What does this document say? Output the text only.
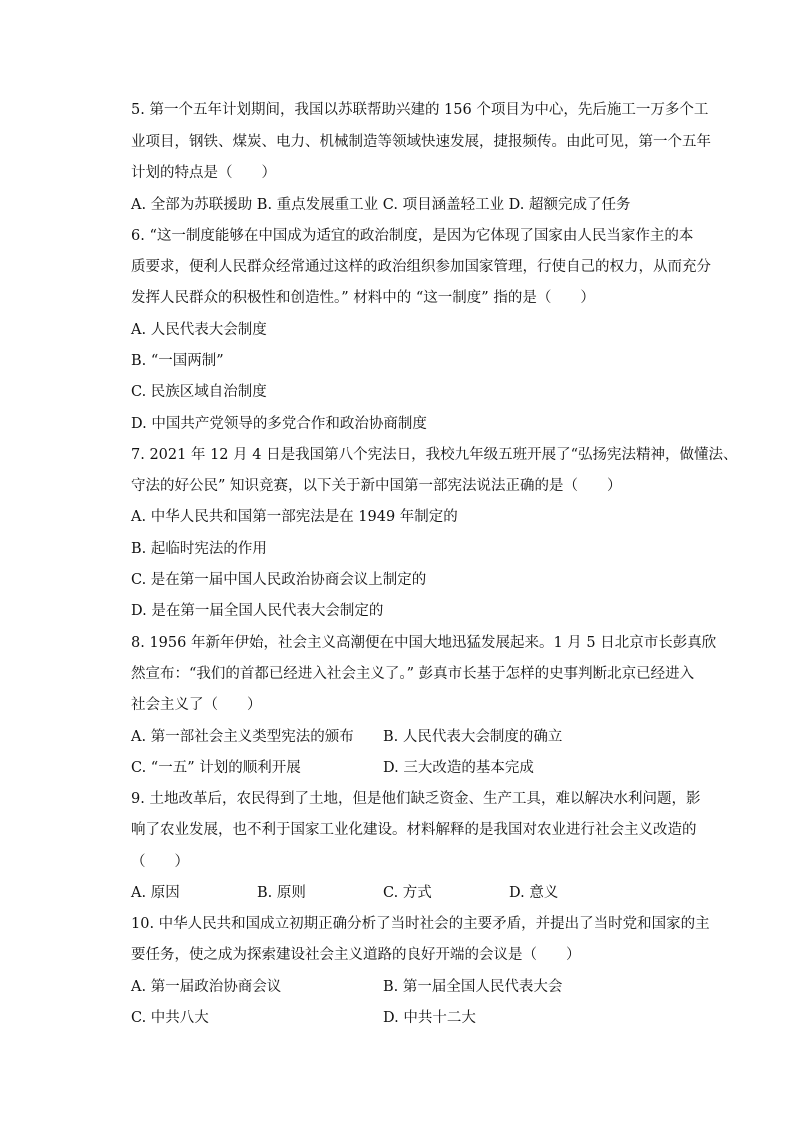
5. 第一个五年计划期间，我国以苏联帮助兴建的 156 个项目为中心，先后施工一万多个工
业项目，钢铁、煤炭、电力、机械制造等领域快速发展，捷报频传。由此可见，第一个五年
计划的特点是（　　）
A. 全部为苏联援助 B. 重点发展重工业 C. 项目涵盖轻工业 D. 超额完成了任务
6. “这一制度能够在中国成为适宜的政治制度，是因为它体现了国家由人民当家作主的本
质要求，便利人民群众经常通过这样的政治组织参加国家管理，行使自己的权力，从而充分
发挥人民群众的积极性和创造性。” 材料中的 “这一制度” 指的是（　　）
A. 人民代表大会制度
B. “一国两制”
C. 民族区域自治制度
D. 中国共产党领导的多党合作和政治协商制度
7. 2021 年 12 月 4 日是我国第八个宪法日，我校九年级五班开展了“弘扬宪法精神，做懂法、
守法的好公民” 知识竞赛，以下关于新中国第一部宪法说法正确的是（　　）
A. 中华人民共和国第一部宪法是在 1949 年制定的
B. 起临时宪法的作用
C. 是在第一届中国人民政治协商会议上制定的
D. 是在第一届全国人民代表大会制定的
8. 1956 年新年伊始，社会主义高潮便在中国大地迅猛发展起来。1 月 5 日北京市长彭真欣
然宣布：“我们的首都已经进入社会主义了。” 彭真市长基于怎样的史事判断北京已经进入
社会主义了（　　）
A. 第一部社会主义类型宪法的颁布 B. 人民代表大会制度的确立
C. “一五” 计划的顺利开展	D. 三大改造的基本完成
9. 土地改革后，农民得到了土地，但是他们缺乏资金、生产工具，难以解决水利问题，影
响了农业发展，也不利于国家工业化建设。材料解释的是我国对农业进行社会主义改造的
（　　）
A. 原因	B. 原则	C. 方式	D. 意义
10. 中华人民共和国成立初期正确分析了当时社会的主要矛盾，并提出了当时党和国家的主
要任务，使之成为探索建设社会主义道路的良好开端的会议是（　　）
A. 第一届政治协商会议	B. 第一届全国人民代表大会
C. 中共八大	D. 中共十二大
